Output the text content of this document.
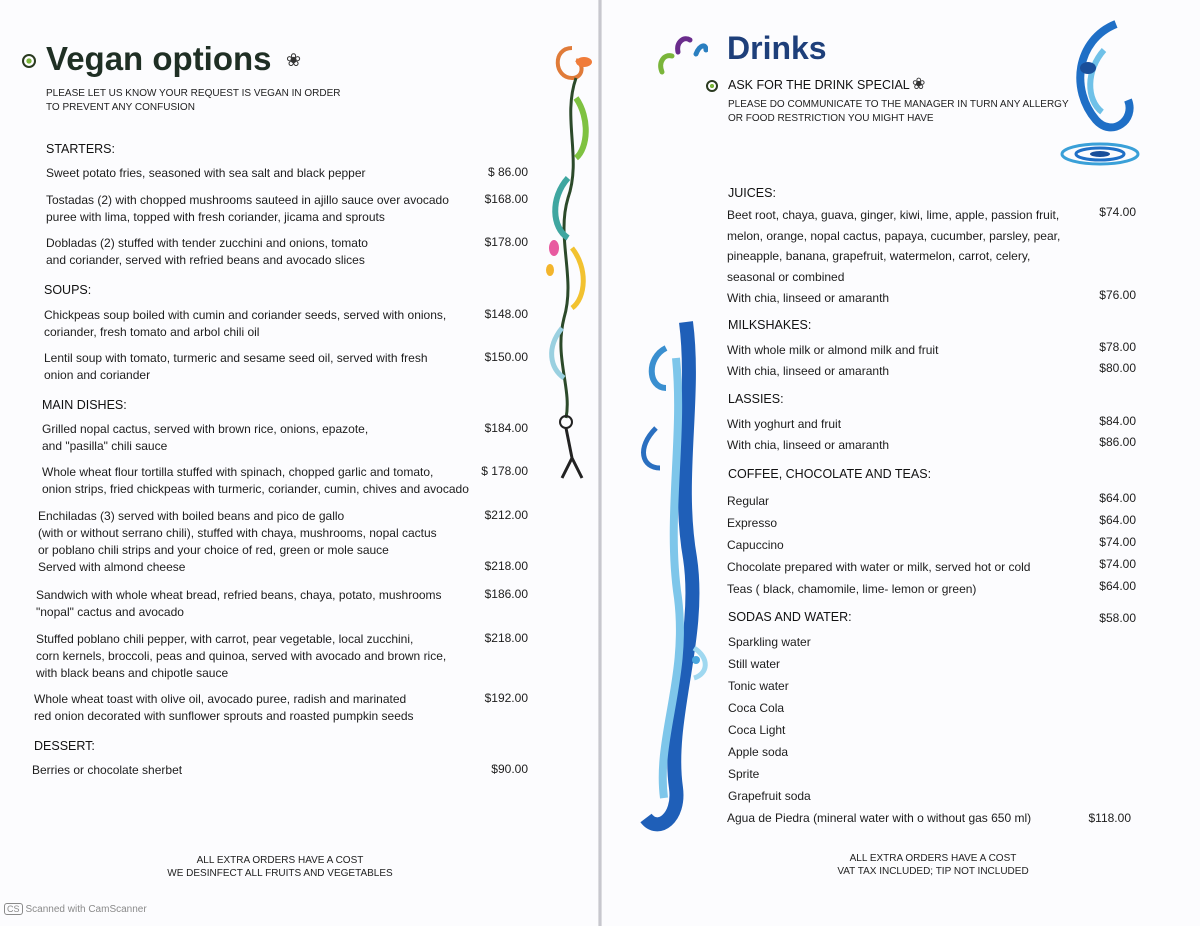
Vegan options ❀
PLEASE LET US KNOW YOUR REQUEST IS VEGAN IN ORDER
TO PREVENT ANY CONFUSION
STARTERS:
Sweet potato fries, seasoned with sea salt and black pepper	$ 86.00
Tostadas (2) with chopped mushrooms sauteed in ajillo sauce over avocado
puree with lima, topped with fresh coriander, jicama and sprouts
$168.00
Dobladas (2) stuffed with tender zucchini and onions, tomato
and coriander, served with refried beans and avocado slices
$178.00
SOUPS:
Chickpeas soup boiled with cumin and coriander seeds, served with onions,
coriander, fresh tomato and arbol chili oil
$148.00
Lentil soup with tomato, turmeric and sesame seed oil, served with fresh
onion and coriander
$150.00
MAIN DISHES:
Grilled nopal cactus, served with brown rice, onions, epazote,
and "pasilla" chili sauce
$184.00
Whole wheat flour tortilla stuffed with spinach, chopped garlic and tomato,
onion strips, fried chickpeas with turmeric, coriander, cumin, chives and avocado
$ 178.00
Enchiladas (3) served with boiled beans and pico de gallo
(with or without serrano chili), stuffed with chaya, mushrooms, nopal cactus
or poblano chili strips and your choice of red, green or mole sauce
$212.00
Served with almond cheese	$218.00
Sandwich with whole wheat bread, refried beans, chaya, potato, mushrooms
"nopal" cactus and avocado
$186.00
Stuffed poblano chili pepper, with carrot, pear vegetable, local zucchini,
corn kernels, broccoli, peas and quinoa, served with avocado and brown rice,
with black beans and chipotle sauce
$218.00
Whole wheat toast with olive oil, avocado puree, radish and marinated
red onion decorated with sunflower sprouts and roasted pumpkin seeds
$192.00
DESSERT:
Berries or chocolate sherbet	$90.00
ALL EXTRA ORDERS HAVE A COST
WE DESINFECT ALL FRUITS AND VEGETABLES
Drinks
ASK FOR THE DRINK SPECIAL ❀
PLEASE DO COMMUNICATE TO THE MANAGER IN TURN ANY ALLERGY
OR FOOD RESTRICTION YOU MIGHT HAVE
JUICES:
Beet root, chaya, guava, ginger, kiwi, lime, apple, passion fruit,
melon, orange, nopal cactus, papaya, cucumber, parsley, pear,
pineapple, banana, grapefruit, watermelon, carrot, celery,
seasonal or combined
$74.00
With chia, linseed or amaranth	$76.00
MILKSHAKES:
With whole milk or almond milk and fruit	$78.00
With chia, linseed or amaranth	$80.00
LASSIES:
With yoghurt and fruit	$84.00
With chia, linseed or amaranth	$86.00
COFFEE, CHOCOLATE AND TEAS:
Regular	$64.00
Expresso	$64.00
Capuccino	$74.00
Chocolate prepared with water or milk, served hot or cold	$74.00
Teas ( black, chamomile, lime- lemon or green)	$64.00
SODAS AND WATER:	$58.00
Sparkling water
Still water
Tonic water
Coca Cola
Coca Light
Apple soda
Sprite
Grapefruit soda
Agua de Piedra (mineral water with o without gas 650 ml)	$118.00
ALL EXTRA ORDERS HAVE A COST
VAT TAX INCLUDED; TIP NOT INCLUDED
CS Scanned with CamScanner
